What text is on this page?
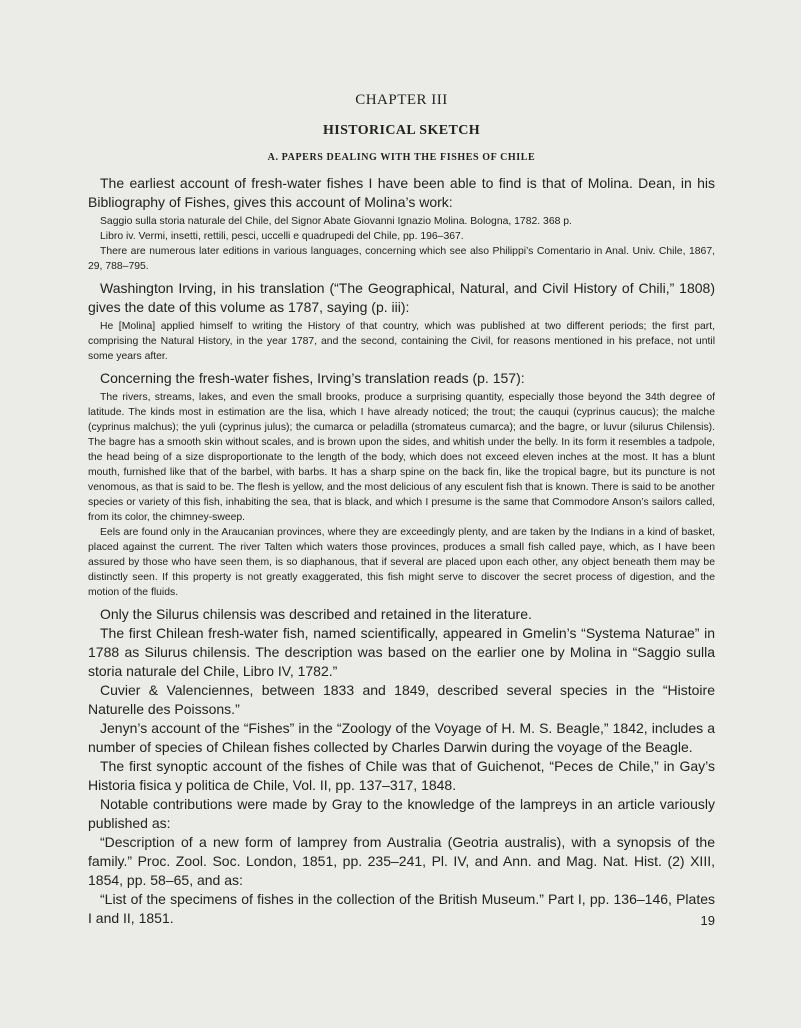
CHAPTER III
HISTORICAL SKETCH
A. PAPERS DEALING WITH THE FISHES OF CHILE

The earliest account of fresh-water fishes I have been able to find is that of Molina. Dean, in his Bibliography of Fishes, gives this account of Molina’s work:

Saggio sulla storia naturale del Chile, del Signor Abate Giovanni Ignazio Molina. Bologna, 1782. 368 p.

Libro iv. Vermi, insetti, rettili, pesci, uccelli e quadrupedi del Chile, pp. 196–367.

There are numerous later editions in various languages, concerning which see also Philippi’s Comentario in Anal. Univ. Chile, 1867, 29, 788–795.

Washington Irving, in his translation (“The Geographical, Natural, and Civil History of Chili,” 1808) gives the date of this volume as 1787, saying (p. iii):

He [Molina] applied himself to writing the History of that country, which was published at two different periods; the first part, comprising the Natural History, in the year 1787, and the second, containing the Civil, for reasons mentioned in his preface, not until some years after.

Concerning the fresh-water fishes, Irving’s translation reads (p. 157):

The rivers, streams, lakes, and even the small brooks, produce a surprising quantity, especially those beyond the 34th degree of latitude. The kinds most in estimation are the lisa, which I have already noticed; the trout; the cauqui (cyprinus caucus); the malche (cyprinus malchus); the yuli (cyprinus julus); the cumarca or peladilla (stromateus cumarca); and the bagre, or luvur (silurus Chilensis). The bagre has a smooth skin without scales, and is brown upon the sides, and whitish under the belly. In its form it resembles a tadpole, the head being of a size disproportionate to the length of the body, which does not exceed eleven inches at the most. It has a blunt mouth, furnished like that of the barbel, with barbs. It has a sharp spine on the back fin, like the tropical bagre, but its puncture is not venomous, as that is said to be. The flesh is yellow, and the most delicious of any esculent fish that is known. There is said to be another species or variety of this fish, inhabiting the sea, that is black, and which I presume is the same that Commodore Anson’s sailors called, from its color, the chimney-sweep.

Eels are found only in the Araucanian provinces, where they are exceedingly plenty, and are taken by the Indians in a kind of basket, placed against the current. The river Talten which waters those provinces, produces a small fish called paye, which, as I have been assured by those who have seen them, is so diaphanous, that if several are placed upon each other, any object beneath them may be distinctly seen. If this property is not greatly exaggerated, this fish might serve to discover the secret process of digestion, and the motion of the fluids.

Only the Silurus chilensis was described and retained in the literature.

The first Chilean fresh-water fish, named scientifically, appeared in Gmelin’s “Systema Naturae” in 1788 as Silurus chilensis. The description was based on the earlier one by Molina in “Saggio sulla storia naturale del Chile, Libro IV, 1782.”

Cuvier & Valenciennes, between 1833 and 1849, described several species in the “Histoire Naturelle des Poissons.”

Jenyn’s account of the “Fishes” in the “Zoology of the Voyage of H. M. S. Beagle,” 1842, includes a number of species of Chilean fishes collected by Charles Darwin during the voyage of the Beagle.

The first synoptic account of the fishes of Chile was that of Guichenot, “Peces de Chile,” in Gay’s Historia fisica y politica de Chile, Vol. II, pp. 137–317, 1848.

Notable contributions were made by Gray to the knowledge of the lampreys in an article variously published as:

“Description of a new form of lamprey from Australia (Geotria australis), with a synopsis of the family.” Proc. Zool. Soc. London, 1851, pp. 235–241, Pl. IV, and Ann. and Mag. Nat. Hist. (2) XIII, 1854, pp. 58–65, and as:

“List of the specimens of fishes in the collection of the British Museum.” Part I, pp. 136–146, Plates I and II, 1851.	19
